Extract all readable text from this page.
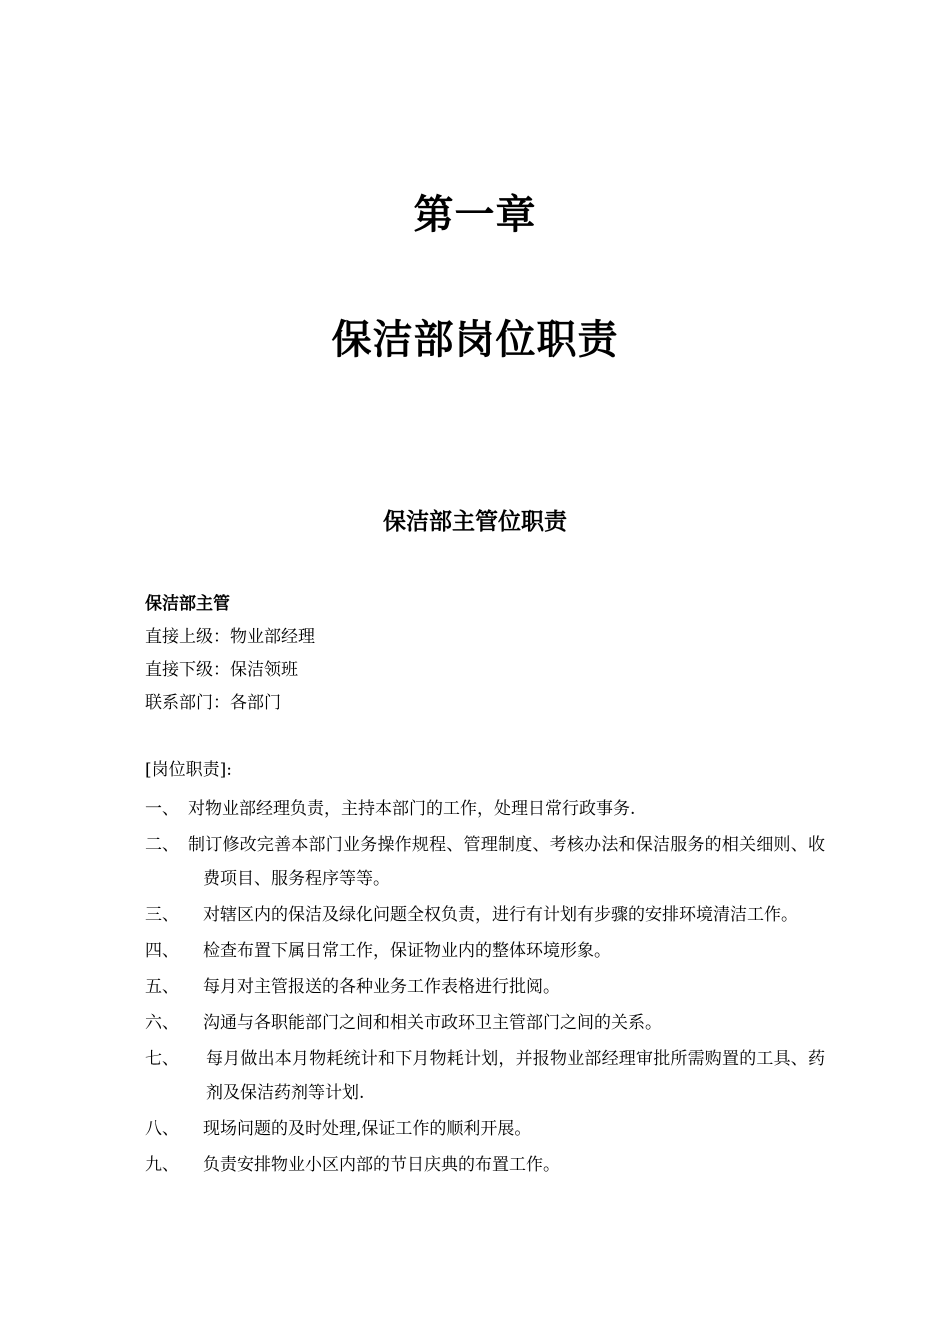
第一章
保洁部岗位职责
保洁部主管位职责
保洁部主管
直接上级：物业部经理
直接下级：保洁领班
联系部门：各部门
[岗位职责]:
一、 对物业部经理负责，主持本部门的工作，处理日常行政事务.
二、 制订修改完善本部门业务操作规程、管理制度、考核办法和保洁服务的相关细则、收费项目、服务程序等等。
三、	对辖区内的保洁及绿化问题全权负责，进行有计划有步骤的安排环境清洁工作。
四、	检查布置下属日常工作，保证物业内的整体环境形象。
五、	每月对主管报送的各种业务工作表格进行批阅。
六、	沟通与各职能部门之间和相关市政环卫主管部门之间的关系。
七、	每月做出本月物耗统计和下月物耗计划，并报物业部经理审批所需购置的工具、药剂及保洁药剂等计划.
八、	现场问题的及时处理,保证工作的顺利开展。
九、	负责安排物业小区内部的节日庆典的布置工作。
